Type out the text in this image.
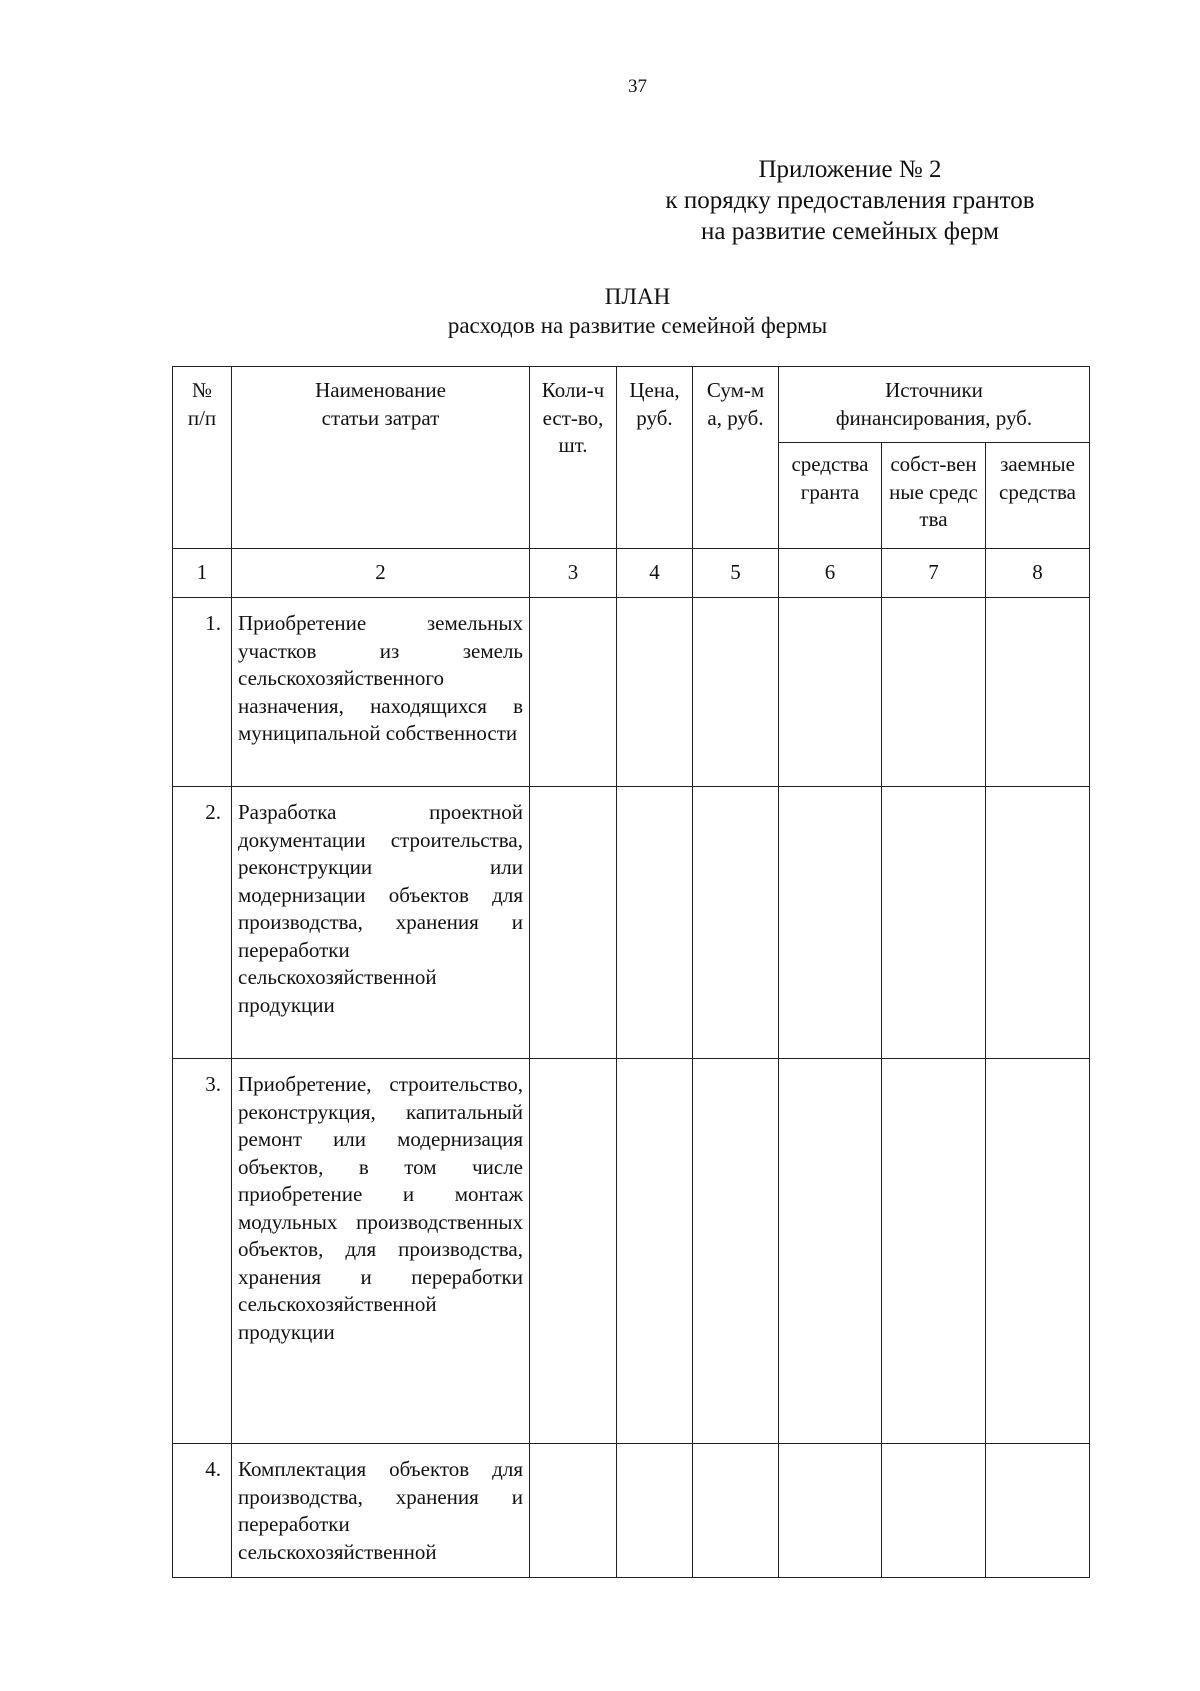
37
Приложение № 2
к порядку предоставления грантов
на развитие семейных ферм
ПЛАН
расходов на развитие семейной фермы
№ п/п	Наименование статьи затрат	Коли-чест-во, шт.	Цена, руб.	Сум-ма, руб.	Источники финансирования, руб.		

					средства гранта	собст-венные средства	заемные средства

1	2	3	4	5	6	7	8
1.	Приобретение земельных участков из земель сельскохозяйственного назначения, находящихся в муниципальной собственности						
2.	Разработка проектной документации строительства, реконструкции или модернизации объектов для производства, хранения и переработки сельскохозяйственной продукции						
3.	Приобретение, строительство, реконструкция, капитальный ремонт или модернизация объектов, в том числе приобретение и монтаж модульных производственных объектов, для производства, хранения и переработки сельскохозяйственной продукции						
4.	Комплектация объектов для производства, хранения и переработки сельскохозяйственной						
